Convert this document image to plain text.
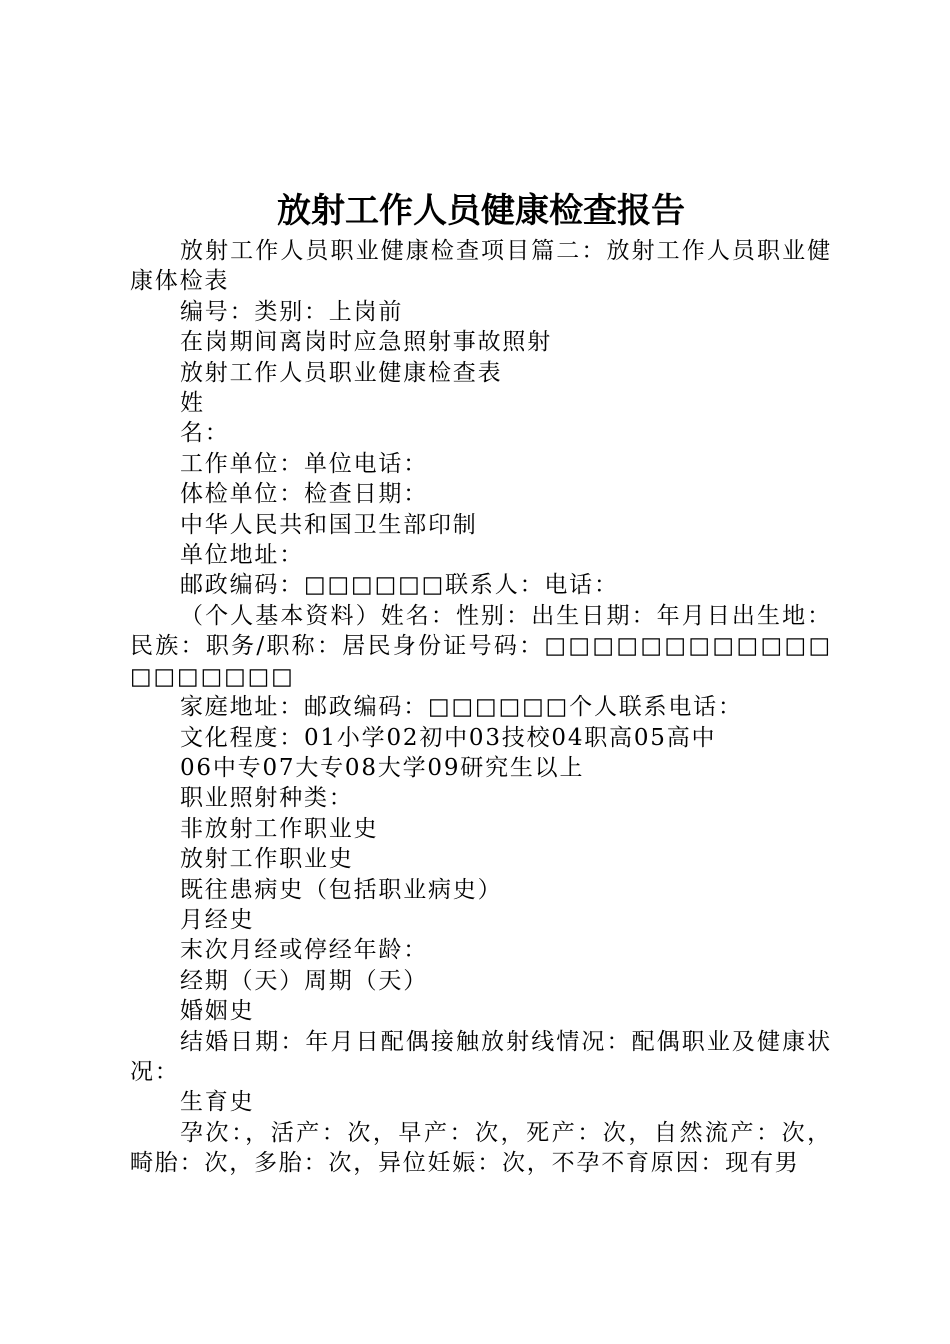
放射工作人员健康检查报告

放射工作人员职业健康检查项目篇二：放射工作人员职业健康体检表

编号：类别：上岗前

在岗期间离岗时应急照射事故照射

放射工作人员职业健康检查表

姓

名：

工作单位：单位电话：

体检单位：检查日期：

中华人民共和国卫生部印制

单位地址：

邮政编码：□□□□□□联系人：电话：

（个人基本资料）姓名：性别：出生日期：年月日出生地：民族：职务/职称：居民身份证号码：□□□□□□□□□□□□□□□□□□□

家庭地址：邮政编码：□□□□□□个人联系电话：

文化程度：01小学02初中03技校04职高05高中

06中专07大专08大学09研究生以上

职业照射种类：

非放射工作职业史

放射工作职业史

既往患病史（包括职业病史）

月经史

末次月经或停经年龄：

经期（天）周期（天）

婚姻史

结婚日期：年月日配偶接触放射线情况：配偶职业及健康状况：

生育史

孕次：，活产：次，早产：次，死产：次，自然流产：次，畸胎：次，多胎：次，异位妊娠：次，不孕不育原因：现有男
